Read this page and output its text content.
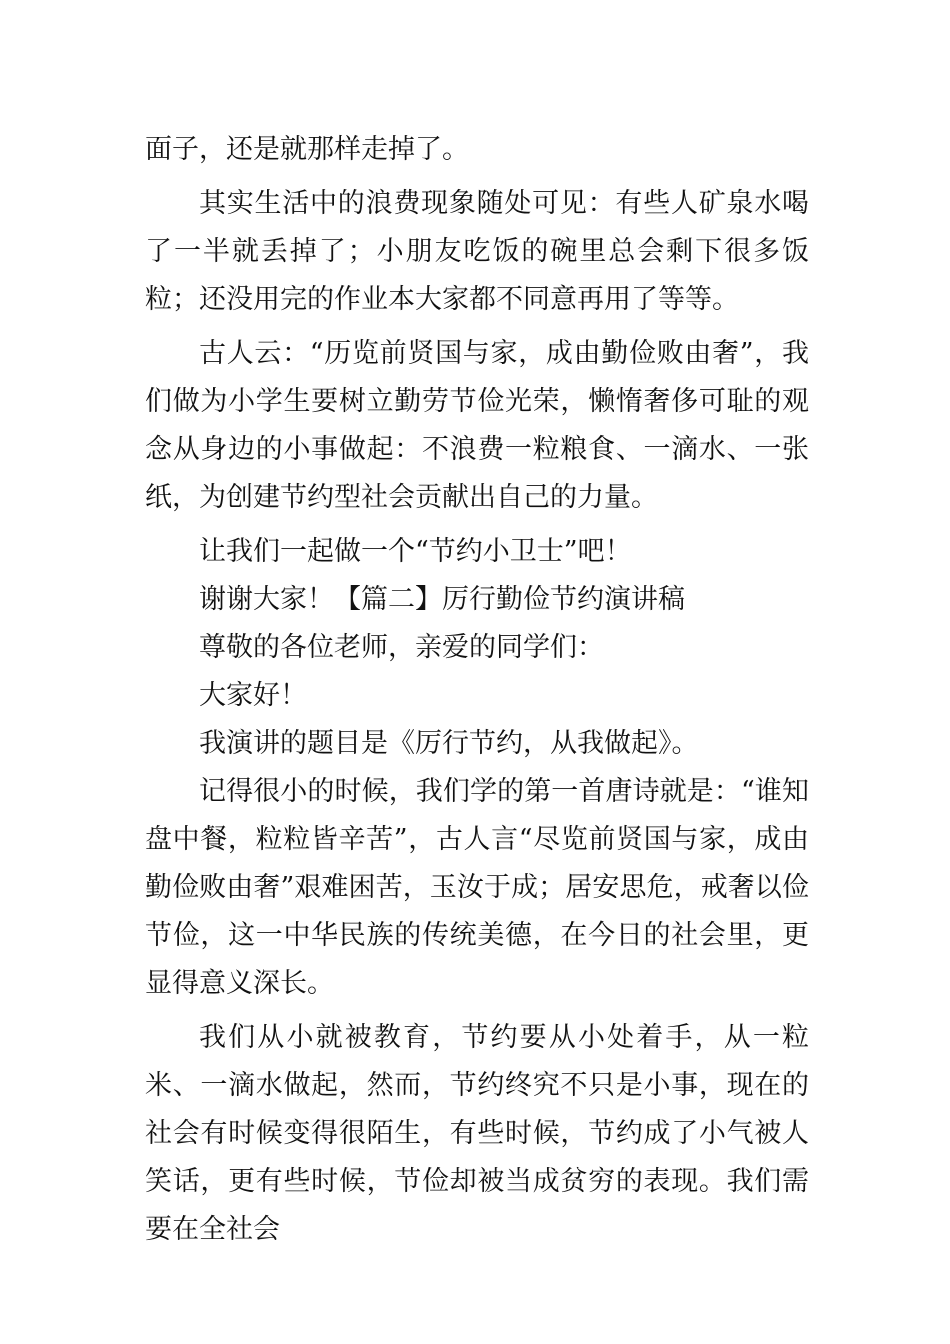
面子，还是就那样走掉了。

其实生活中的浪费现象随处可见：有些人矿泉水喝了一半就丢掉了；小朋友吃饭的碗里总会剩下很多饭粒；还没用完的作业本大家都不同意再用了等等。

古人云：“历览前贤国与家，成由勤俭败由奢”，我们做为小学生要树立勤劳节俭光荣，懒惰奢侈可耻的观念从身边的小事做起：不浪费一粒粮食、一滴水、一张纸，为创建节约型社会贡献出自己的力量。

让我们一起做一个“节约小卫士”吧！

谢谢大家！【篇二】厉行勤俭节约演讲稿

尊敬的各位老师，亲爱的同学们：

大家好！

我演讲的题目是《厉行节约，从我做起》。

记得很小的时候，我们学的第一首唐诗就是：“谁知盘中餐，粒粒皆辛苦”，古人言“尽览前贤国与家，成由勤俭败由奢”艰难困苦，玉汝于成；居安思危，戒奢以俭节俭，这一中华民族的传统美德，在今日的社会里，更显得意义深长。

我们从小就被教育，节约要从小处着手，从一粒米、一滴水做起，然而，节约终究不只是小事，现在的社会有时候变得很陌生，有些时候，节约成了小气被人笑话，更有些时候，节俭却被当成贫穷的表现。我们需要在全社会
